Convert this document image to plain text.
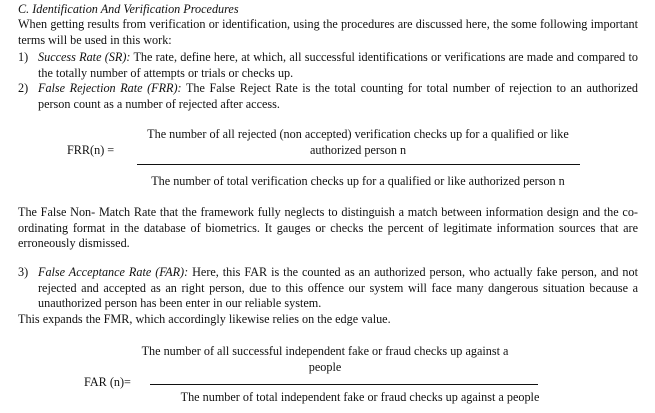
C. Identification And Verification Procedures
When getting results from verification or identification, using the procedures are discussed here, the some following important terms will be used in this work:
1) Success Rate (SR): The rate, define here, at which, all successful identifications or verifications are made and compared to the totally number of attempts or trials or checks up.
2) False Rejection Rate (FRR): The False Reject Rate is the total counting for total number of rejection to an authorized person count as a number of rejected after access.
The number of all rejected (non accepted) verification checks up for a qualified or like
authorized person n
FRR(n) =
The number of total verification checks up for a qualified or like authorized person n
The False Non- Match Rate that the framework fully neglects to distinguish a match between information design and the co-ordinating format in the database of biometrics. It gauges or checks the percent of legitimate information sources that are erroneously dismissed.
3) False Acceptance Rate (FAR): Here, this FAR is the counted as an authorized person, who actually fake person, and not rejected and accepted as an right person, due to this offence our system will face many dangerous situation because a unauthorized person has been enter in our reliable system.
This expands the FMR, which accordingly likewise relies on the edge value.
The number of all successful independent fake or fraud checks up against a
people
FAR (n)=
The number of total independent fake or fraud checks up against a people
